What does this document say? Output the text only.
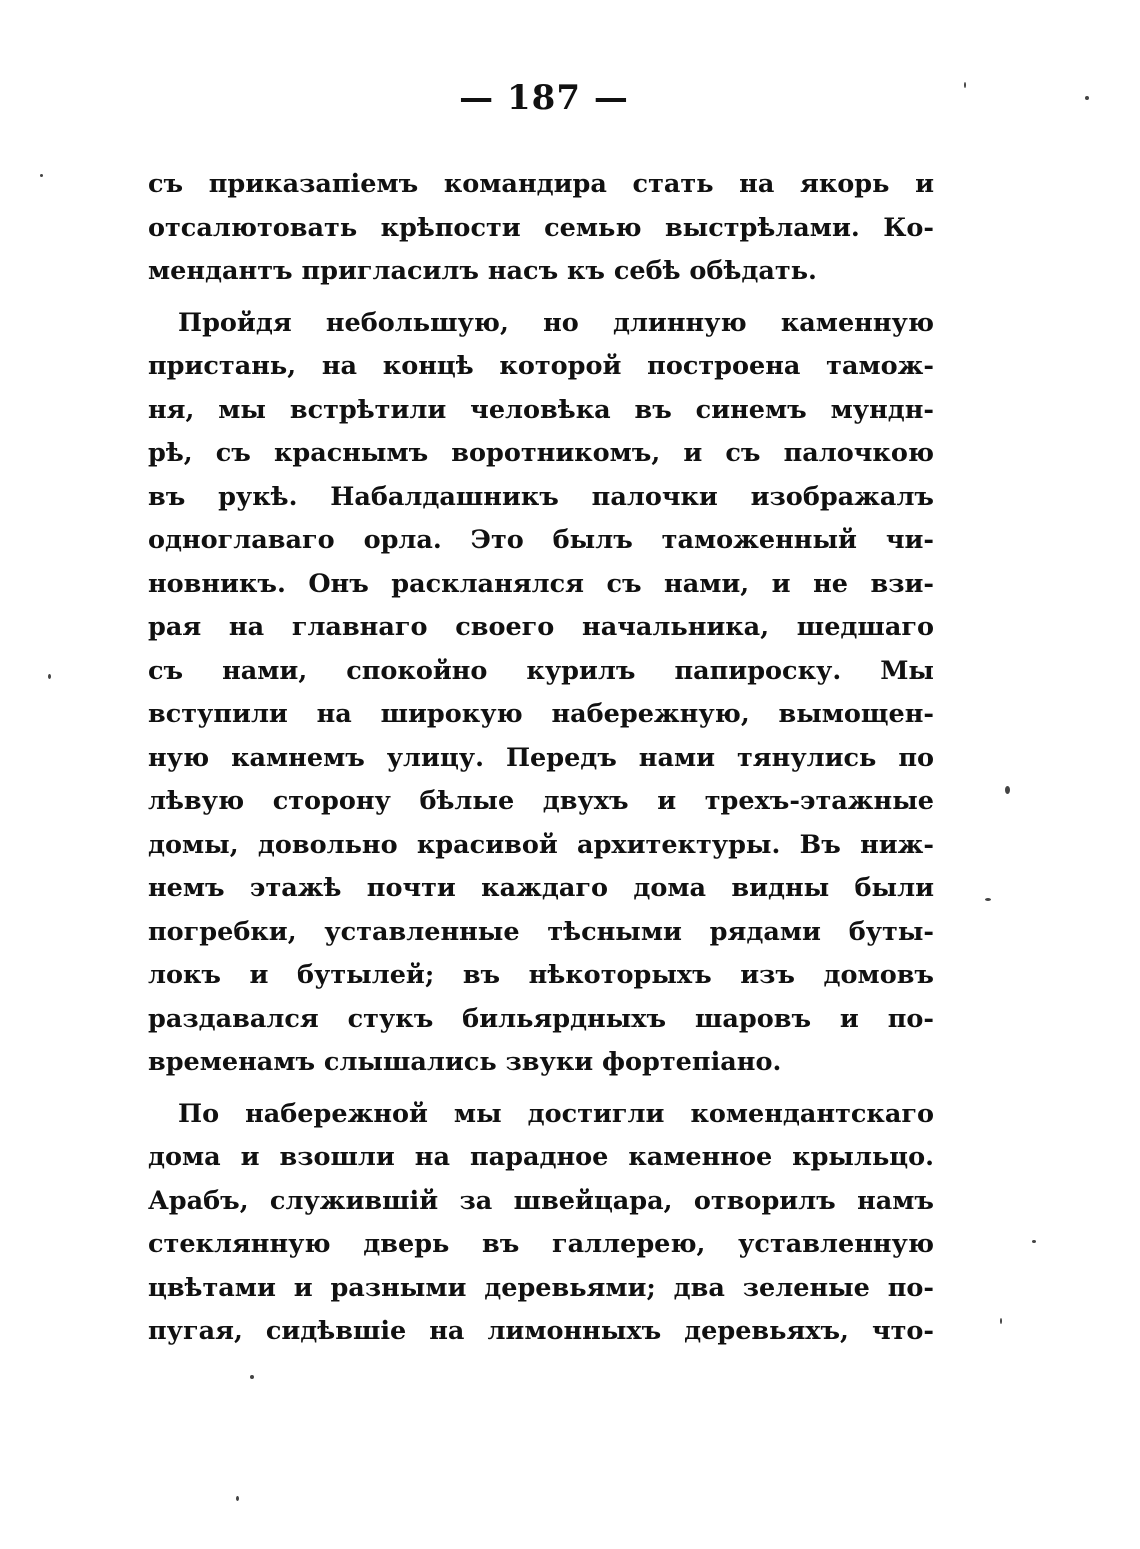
— 187 —
съ приказапіемъ командира стать на якорь и
отсалютовать крѣпости семью выстрѣлами. Ко-
мендантъ пригласилъ насъ къ себѣ обѣдать.
Пройдя небольшую, но длинную каменную
пристань, на концѣ которой построена тамож-
ня, мы встрѣтили человѣка въ синемъ мундн-
рѣ, съ краснымъ воротникомъ, и съ палочкою
въ рукѣ. Набалдашникъ палочки изображалъ
одноглаваго орла. Это былъ таможенный чи-
новникъ. Онъ раскланялся съ нами, и не взи-
рая на главнаго своего начальника, шедшаго
съ нами, спокойно курилъ папироску. Мы
вступили на широкую набережную, вымощен-
ную камнемъ улицу. Передъ нами тянулись по
лѣвую сторону бѣлые двухъ и трехъ-этажные
домы, довольно красивой архитектуры. Въ ниж-
немъ этажѣ почти каждаго дома видны были
погребки, уставленные тѣсными рядами буты-
локъ и бутылей; въ нѣкоторыхъ изъ домовъ
раздавался стукъ бильярдныхъ шаровъ и по-
временамъ слышались звуки фортепіано.
По набережной мы достигли комендантскаго
дома и взошли на парадное каменное крыльцо.
Арабъ, служившій за швейцара, отворилъ намъ
стеклянную дверь въ галлерею, уставленную
цвѣтами и разными деревьями; два зеленые по-
пугая, сидѣвшіе на лимонныхъ деревьяхъ, что-
